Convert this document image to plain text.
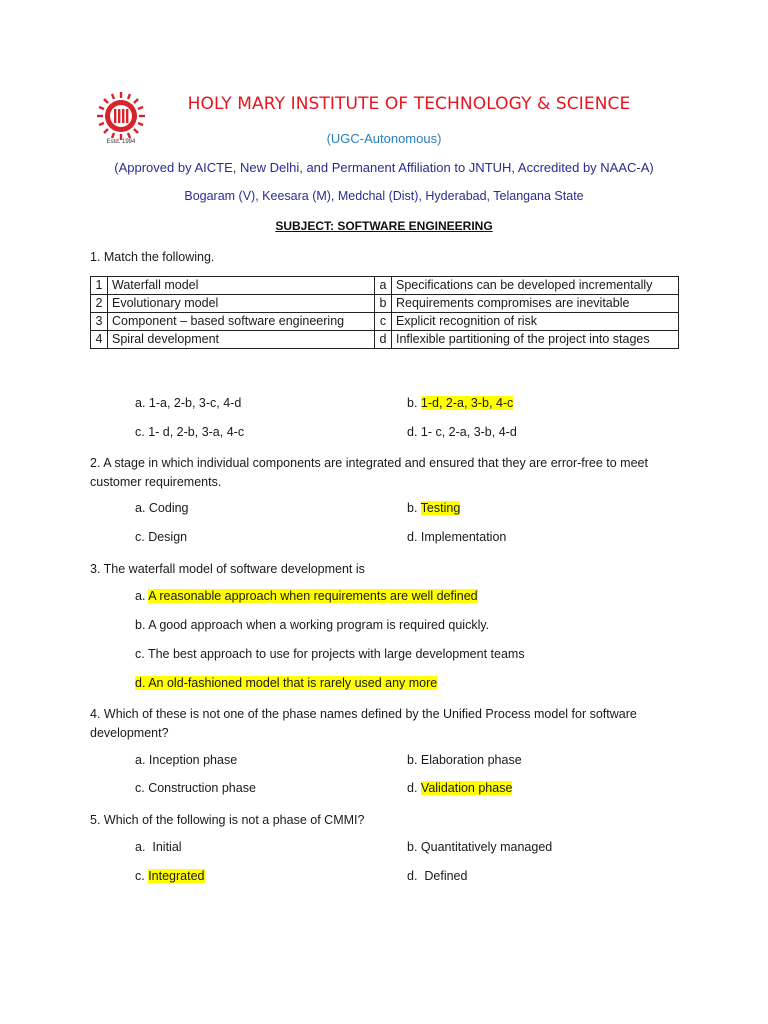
Estd. 1994
HOLY MARY INSTITUTE OF TECHNOLOGY & SCIENCE
(UGC-Autonomous)
(Approved by AICTE, New Delhi, and Permanent Affiliation to JNTUH, Accredited by NAAC-A)
Bogaram (V), Keesara (M), Medchal (Dist), Hyderabad, Telangana State
SUBJECT: SOFTWARE ENGINEERING
1. Match the following.
1	Waterfall model	a	Specifications can be developed incrementally
2	Evolutionary model	b	Requirements compromises are inevitable
3	Component – based software engineering	c	Explicit recognition of risk
4	Spiral development	d	Inflexible partitioning of the project into stages
a. 1-a, 2-b, 3-c, 4-d	b. 1-d, 2-a, 3-b, 4-c
c. 1- d, 2-b, 3-a, 4-c	d. 1- c, 2-a, 3-b, 4-d
2. A stage in which individual components are integrated and ensured that they are error-free to meet customer requirements.
a. Coding	b. Testing
c. Design	d. Implementation
3. The waterfall model of software development is
a. A reasonable approach when requirements are well defined
b. A good approach when a working program is required quickly.
c. The best approach to use for projects with large development teams
d. An old-fashioned model that is rarely used any more
4. Which of these is not one of the phase names defined by the Unified Process model for software development?
a. Inception phase	b. Elaboration phase
c. Construction phase	d. Validation phase
5. Which of the following is not a phase of CMMI?
a.  Initial	b. Quantitatively managed
c. Integrated	d.  Defined
